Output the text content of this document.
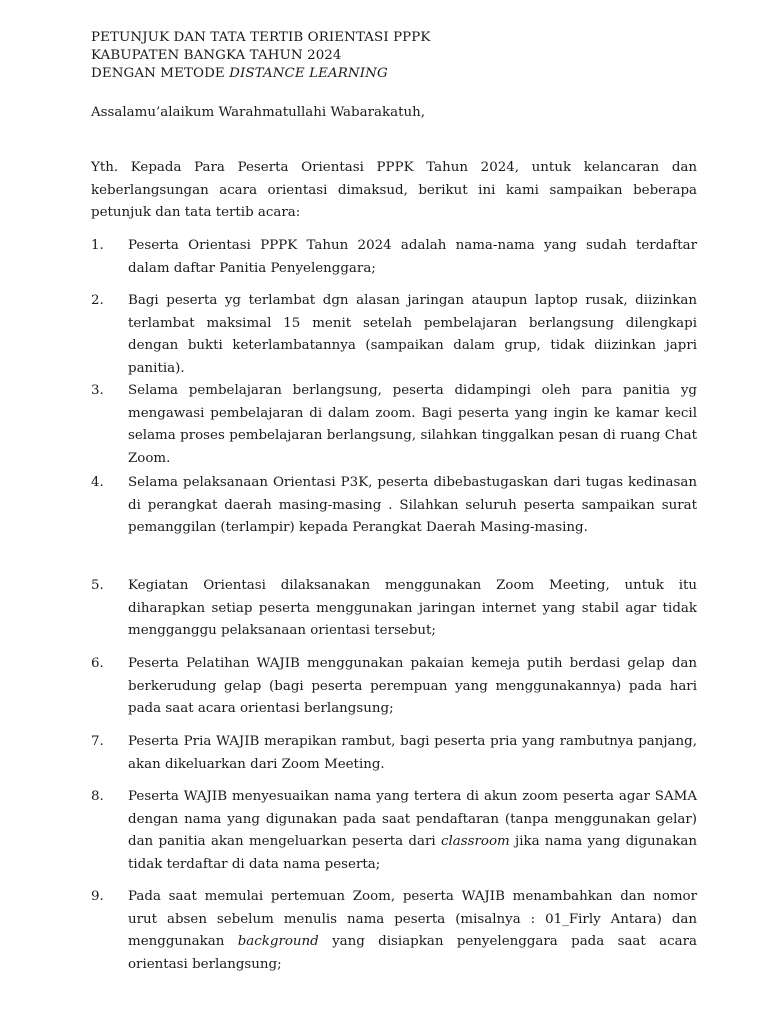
PETUNJUK DAN TATA TERTIB ORIENTASI PPPK
KABUPATEN BANGKA TAHUN 2024
DENGAN METODE DISTANCE LEARNING
Assalamu’alaikum Warahmatullahi Wabarakatuh,

Yth. Kepada Para Peserta Orientasi PPPK Tahun 2024, untuk kelancaran dan keberlangsungan acara orientasi dimaksud, berikut ini kami sampaikan beberapa petunjuk dan tata tertib acara:

1.	Peserta Orientasi PPPK Tahun 2024 adalah nama-nama yang sudah terdaftar dalam daftar Panitia Penyelenggara;
2.	Bagi peserta yg terlambat dgn alasan jaringan ataupun laptop rusak, diizinkan terlambat maksimal 15 menit setelah pembelajaran berlangsung dilengkapi dengan bukti keterlambatannya (sampaikan dalam grup, tidak diizinkan japri panitia).
3.	Selama pembelajaran berlangsung, peserta didampingi oleh para panitia yg mengawasi pembelajaran di dalam zoom. Bagi peserta yang ingin ke kamar kecil selama proses pembelajaran berlangsung, silahkan tinggalkan pesan di ruang Chat Zoom.
4.	Selama pelaksanaan Orientasi P3K, peserta dibebastugaskan dari tugas kedinasan di perangkat daerah masing-masing . Silahkan seluruh peserta sampaikan surat pemanggilan (terlampir) kepada Perangkat Daerah Masing-masing.
5.	Kegiatan Orientasi dilaksanakan menggunakan Zoom Meeting, untuk itu diharapkan setiap peserta menggunakan jaringan internet yang stabil agar tidak mengganggu pelaksanaan orientasi tersebut;
6.	Peserta Pelatihan WAJIB menggunakan pakaian kemeja putih berdasi gelap dan berkerudung gelap (bagi peserta perempuan yang menggunakannya) pada hari pada saat acara orientasi berlangsung;
7.	Peserta Pria WAJIB merapikan rambut, bagi peserta pria yang rambutnya panjang, akan dikeluarkan dari Zoom Meeting.
8.	Peserta WAJIB menyesuaikan nama yang tertera di akun zoom peserta agar SAMA dengan nama yang digunakan pada saat pendaftaran (tanpa menggunakan gelar) dan panitia akan mengeluarkan peserta dari classroom jika nama yang digunakan tidak terdaftar di data nama peserta;
9.	Pada saat memulai pertemuan Zoom, peserta WAJIB menambahkan dan nomor urut absen sebelum menulis nama peserta (misalnya : 01_Firly Antara) dan menggunakan background yang disiapkan penyelenggara pada saat acara orientasi berlangsung;
